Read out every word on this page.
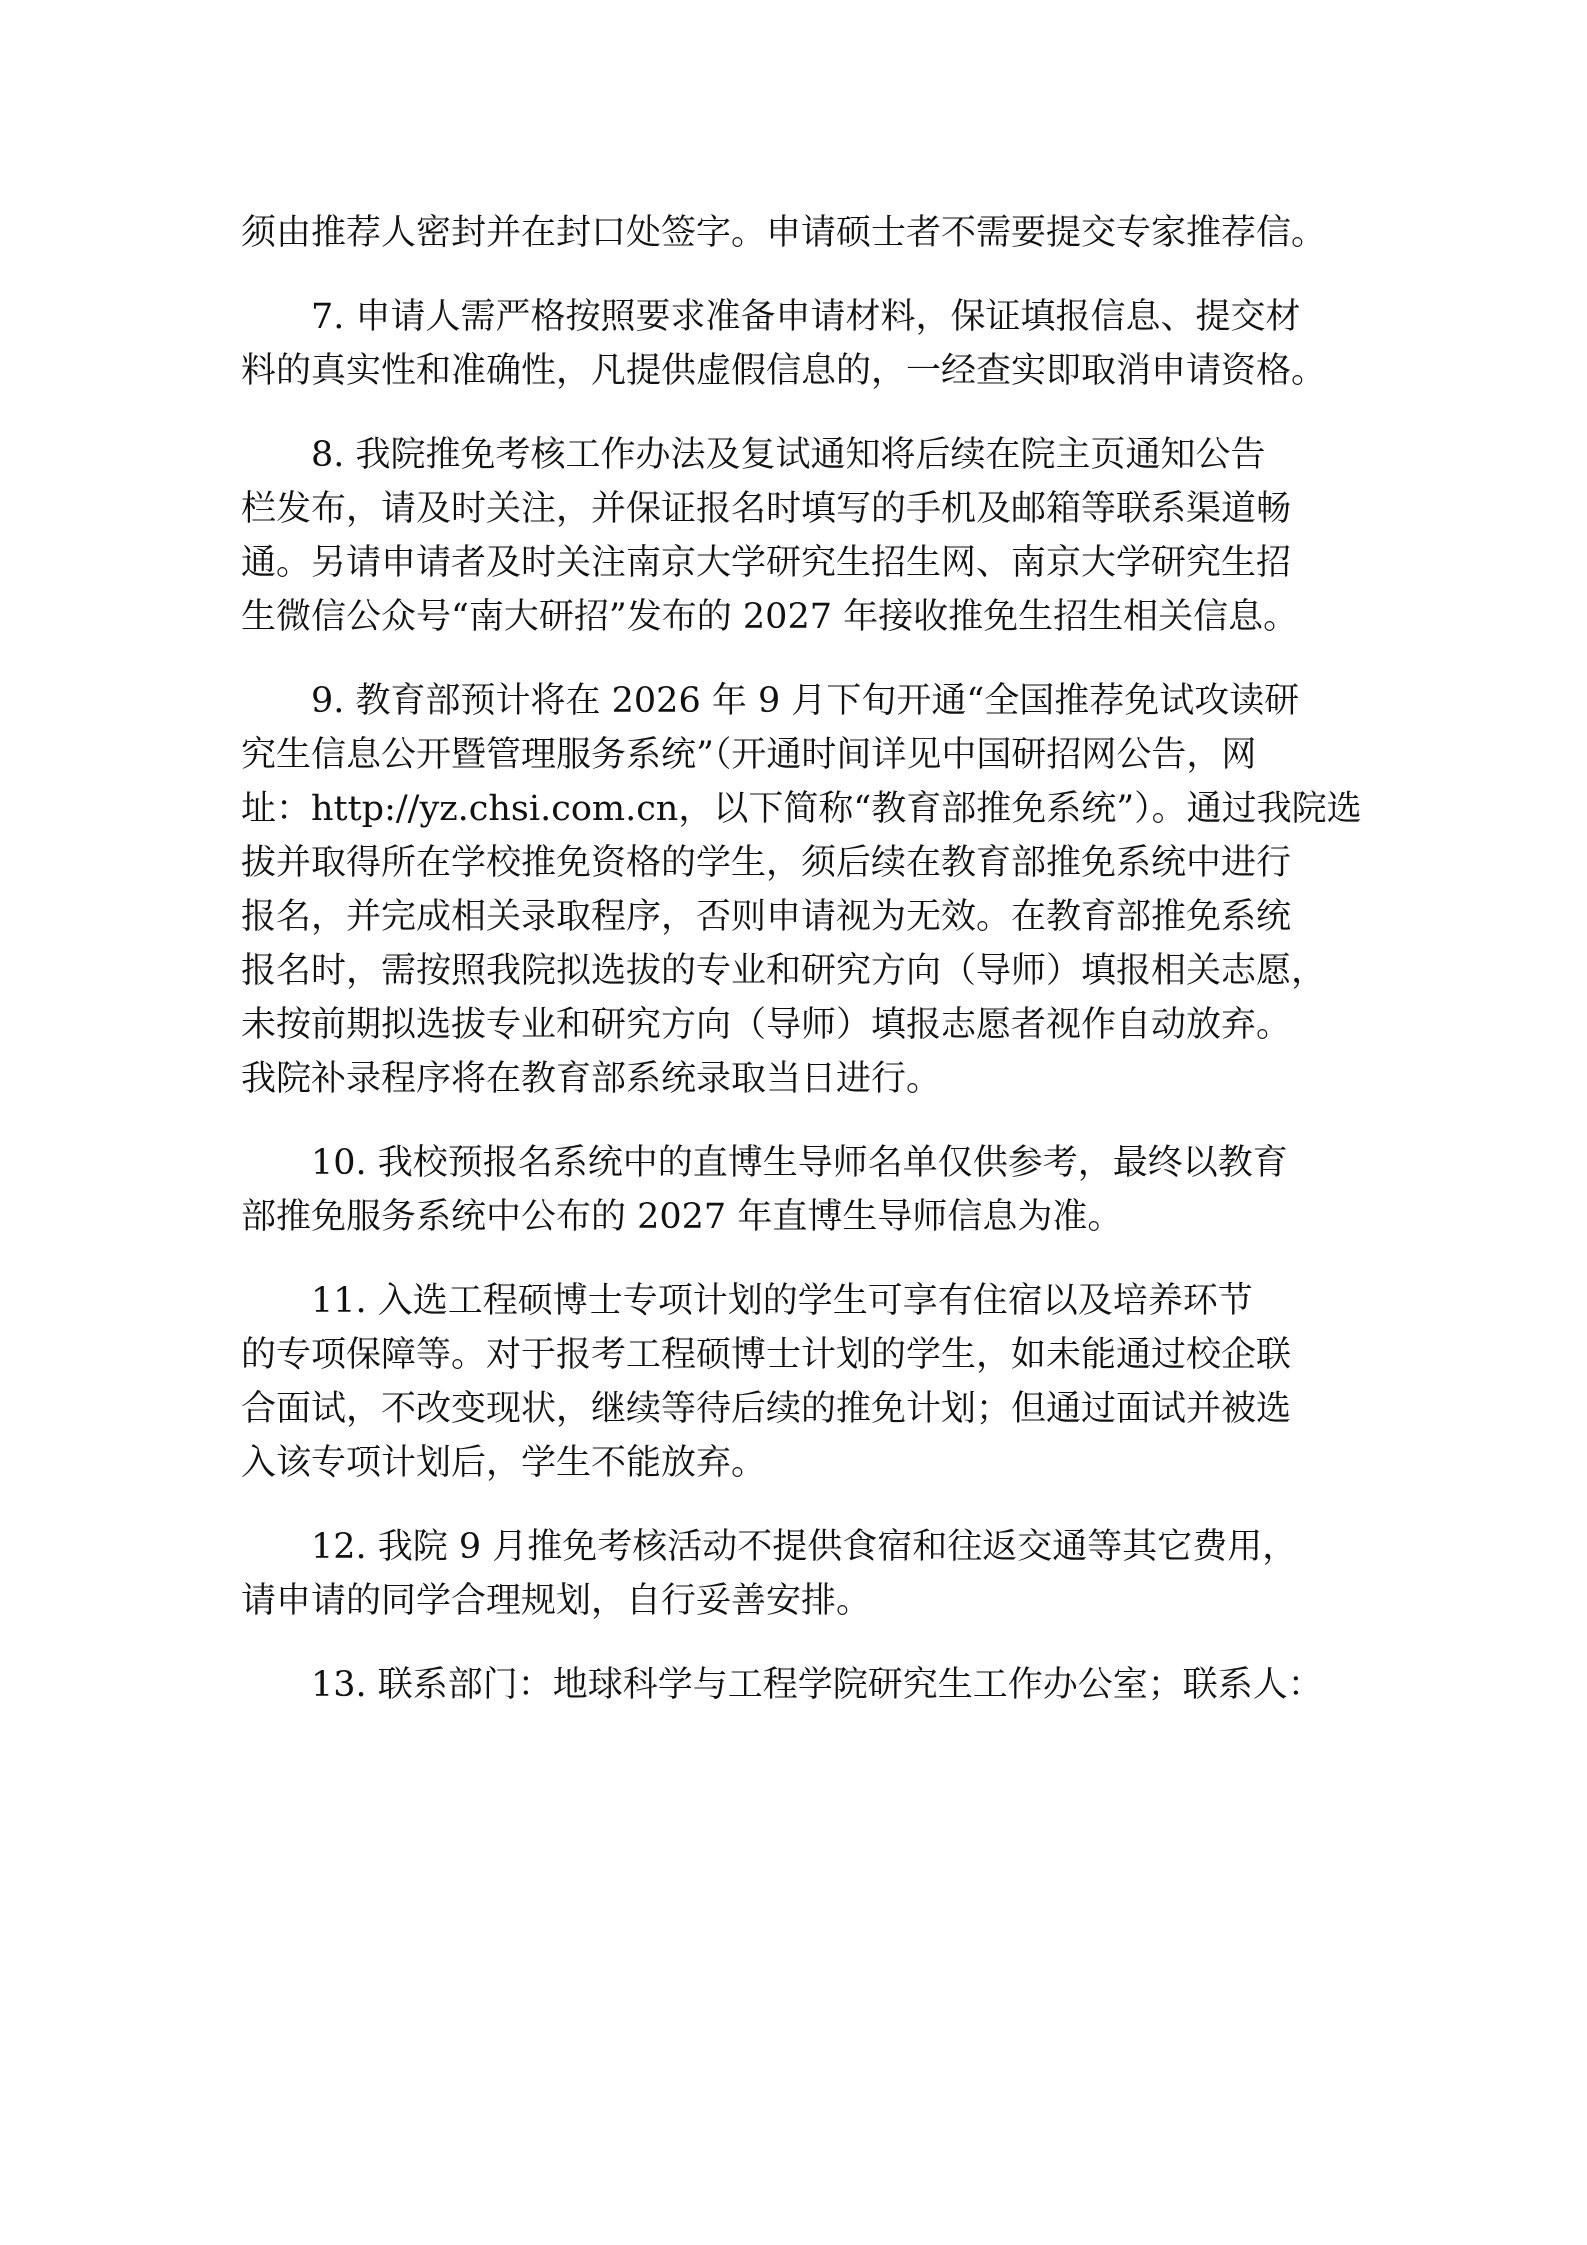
须由推荐人密封并在封口处签字。申请硕士者不需要提交专家推荐信。
7. 申请人需严格按照要求准备申请材料，保证填报信息、提交材
料的真实性和准确性，凡提供虚假信息的，一经查实即取消申请资格。
8. 我院推免考核工作办法及复试通知将后续在院主页通知公告
栏发布，请及时关注，并保证报名时填写的手机及邮箱等联系渠道畅
通。另请申请者及时关注南京大学研究生招生网、南京大学研究生招
生微信公众号“南大研招”发布的 2027 年接收推免生招生相关信息。
9. 教育部预计将在 2026 年 9 月下旬开通“全国推荐免试攻读研
究生信息公开暨管理服务系统”（开通时间详见中国研招网公告，网
址：http://yz.chsi.com.cn，以下简称“教育部推免系统”）。通过我院选
拔并取得所在学校推免资格的学生，须后续在教育部推免系统中进行
报名，并完成相关录取程序，否则申请视为无效。在教育部推免系统
报名时，需按照我院拟选拔的专业和研究方向（导师）填报相关志愿，
未按前期拟选拔专业和研究方向（导师）填报志愿者视作自动放弃。
我院补录程序将在教育部系统录取当日进行。
10. 我校预报名系统中的直博生导师名单仅供参考，最终以教育
部推免服务系统中公布的 2027 年直博生导师信息为准。
11. 入选工程硕博士专项计划的学生可享有住宿以及培养环节
的专项保障等。对于报考工程硕博士计划的学生，如未能通过校企联
合面试，不改变现状，继续等待后续的推免计划；但通过面试并被选
入该专项计划后，学生不能放弃。
12. 我院 9 月推免考核活动不提供食宿和往返交通等其它费用，
请申请的同学合理规划，自行妥善安排。
13. 联系部门：地球科学与工程学院研究生工作办公室；联系人：
